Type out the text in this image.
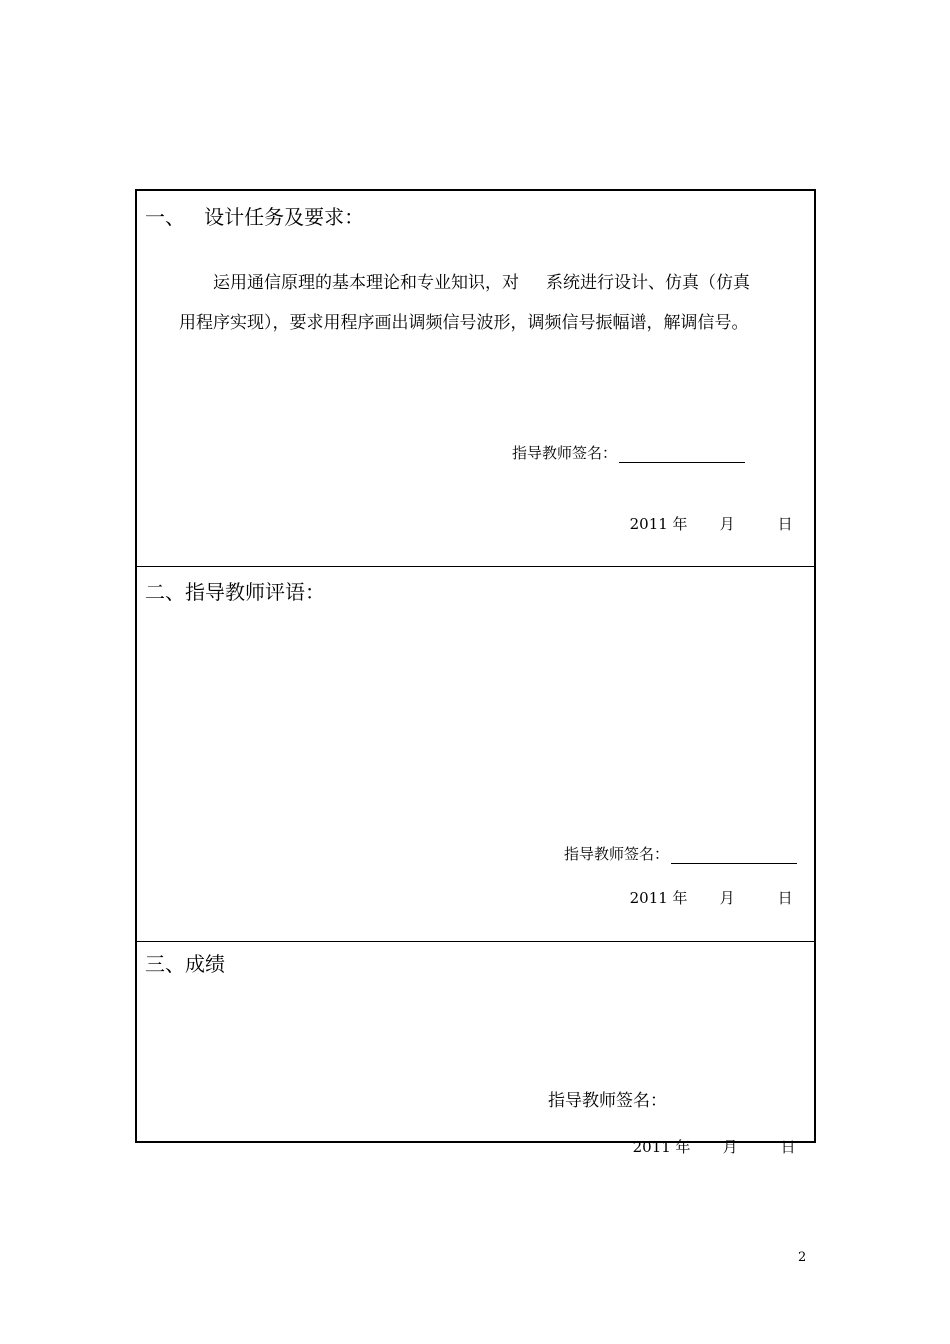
一、   设计任务及要求：
运用通信原理的基本理论和专业知识，对     系统进行设计、仿真（仿真
用程序实现），要求用程序画出调频信号波形，调频信号振幅谱，解调信号。
指导教师签名：

2011 年 月	日

二、指导教师评语：
指导教师签名：

2011 年 月	日

三、成绩
指导教师签名：

2011 年 月	日

2
